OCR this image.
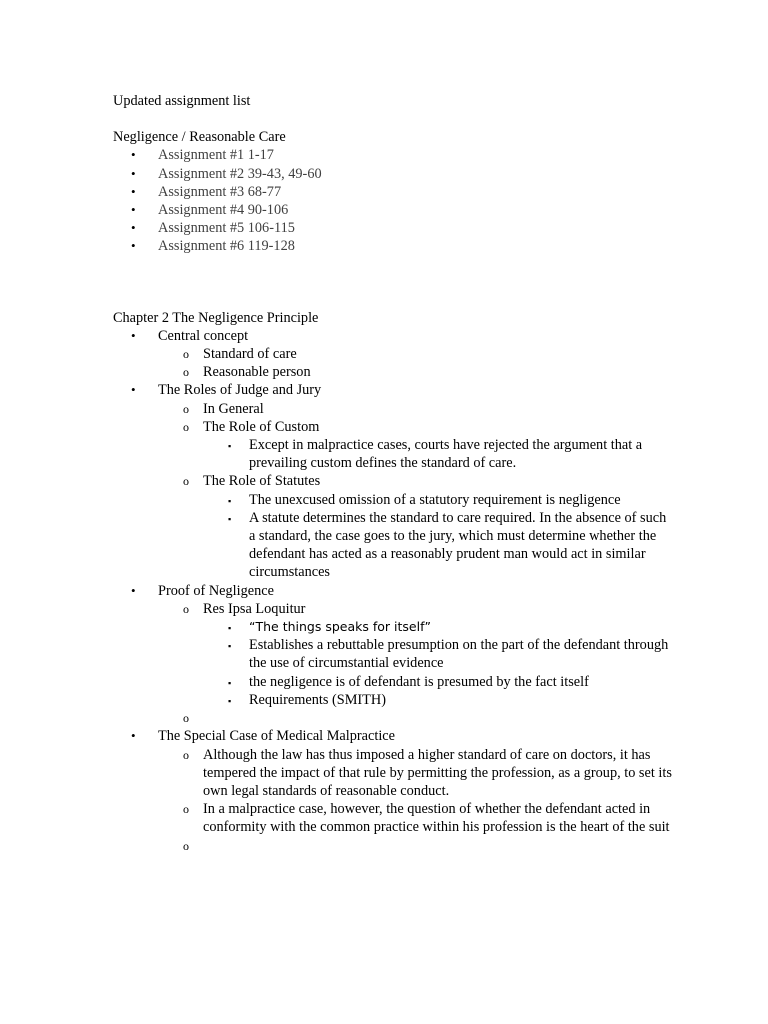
Updated assignment list

Negligence / Reasonable Care

• Assignment #1 1-17
• Assignment #2 39-43, 49-60
• Assignment #3 68-77
• Assignment #4 90-106
• Assignment #5 106-115
• Assignment #6 119-128

Chapter 2 The Negligence Principle

• Central concept
o Standard of care
o Reasonable person
• The Roles of Judge and Jury
o In General
o The Role of Custom
▪ Except in malpractice cases, courts have rejected the argument that a prevailing custom defines the standard of care.
o The Role of Statutes
▪ The unexcused omission of a statutory requirement is negligence
▪ A statute determines the standard to care required. In the absence of such a standard, the case goes to the jury, which must determine whether the defendant has acted as a reasonably prudent man would act in similar circumstances
• Proof of Negligence
o Res Ipsa Loquitur
▪ “The things speaks for itself”
▪ Establishes a rebuttable presumption on the part of the defendant through the use of circumstantial evidence
▪ the negligence is of defendant is presumed by the fact itself
▪ Requirements (SMITH)
o
• The Special Case of Medical Malpractice
o Although the law has thus imposed a higher standard of care on doctors, it has tempered the impact of that rule by permitting the profession, as a group, to set its own legal standards of reasonable conduct.
o In a malpractice case, however, the question of whether the defendant acted in conformity with the common practice within his profession is the heart of the suit
o
